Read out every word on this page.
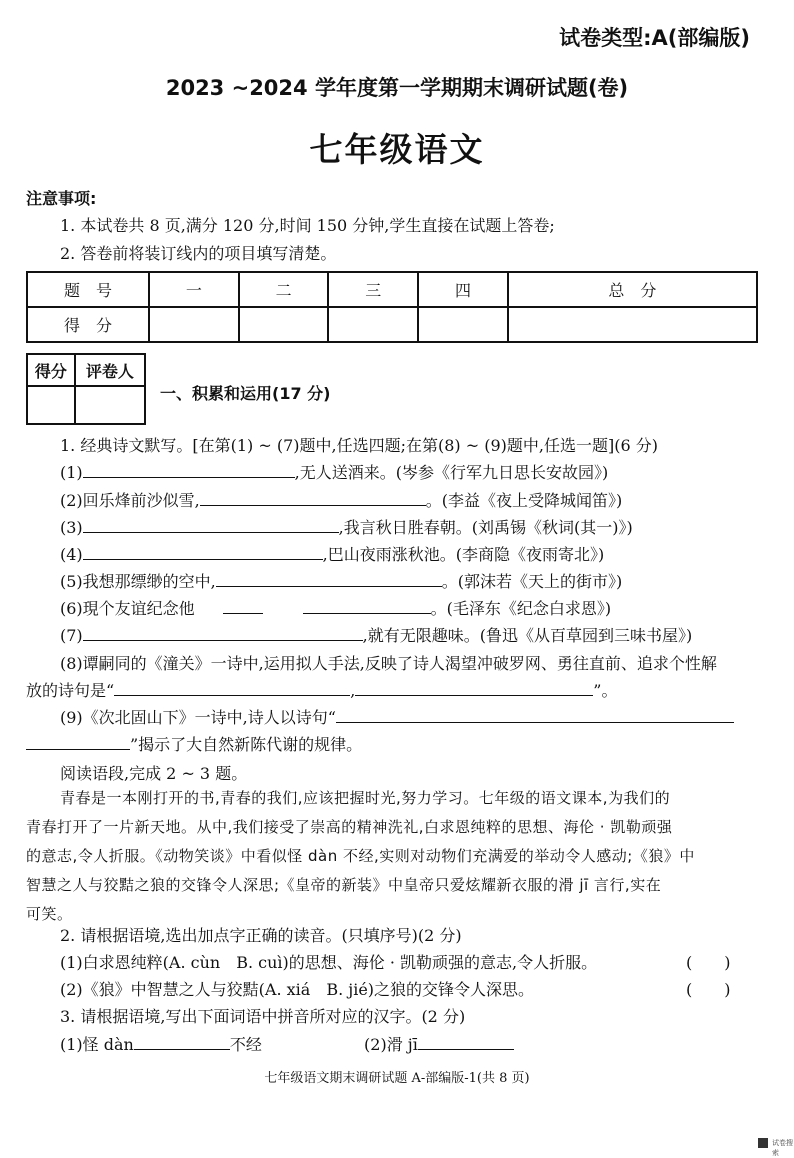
试卷类型:A(部编版)
2023 ~2024 学年度第一学期期末调研试题(卷)
七年级语文
注意事项:
1. 本试卷共 8 页,满分 120 分,时间 150 分钟,学生直接在试题上答卷;
2. 答卷前将装订线内的项目填写清楚。
题　号	一	二	三	四	总　分
得　分					
得分	评卷人

一、积累和运用(17 分)
1. 经典诗文默写。[在第(1) ~ (7)题中,任选四题;在第(8) ~ (9)题中,任选一题](6 分)
(1)	,无人送酒来。(岑参《行军九日思长安故园》)
(2)回乐烽前沙似雪,	。(李益《夜上受降城闻笛》)
(3)	,我言秋日胜春朝。(刘禹锡《秋词(其一)》)
(4)	,巴山夜雨涨秋池。(李商隐《夜雨寄北》)
(5)我想那缥缈的空中,	。(郭沫若《天上的街市》)
(6)現个友谊纪念他	。(毛泽东《纪念白求恩》)
(7)	,就有无限趣味。(鲁迅《从百草园到三味书屋》)
(8)谭嗣同的《潼关》一诗中,运用拟人手法,反映了诗人渴望冲破罗网、勇往直前、追求个性解
放的诗句是“	,	”。
(9)《次北固山下》一诗中,诗人以诗句“
”揭示了大自然新陈代谢的规律。
阅读语段,完成 2 ~ 3 题。
青春是一本刚打开的书,青春的我们,应该把握时光,努力学习。七年级的语文课本,为我们的
青春打开了一片新天地。从中,我们接受了崇高的精神洗礼,白求恩纯粹的思想、海伦 · 凯勒顽强
的意志,令人折服。《动物笑谈》中看似怪 dàn 不经,实则对动物们充满爱的举动令人感动;《狼》中
智慧之人与狡黠之狼的交锋令人深思;《皇帝的新装》中皇帝只爱炫耀新衣服的滑 jī 言行,实在
可笑。
2. 请根据语境,选出加点字正确的读音。(只填序号)(2 分)
(1)白求恩纯粹(A. cùn　B. cuì)的思想、海伦 · 凯勒顽强的意志,令人折服。	(　　)
(2)《狼》中智慧之人与狡黠(A. xiá　B. jié)之狼的交锋令人深思。	(　　)
3. 请根据语境,写出下面词语中拼音所对应的汉字。(2 分)
(1)怪 dàn	不经	(2)滑 jī
七年级语文期末调研试题 A-部编版-1(共 8 页)
试卷搜索
